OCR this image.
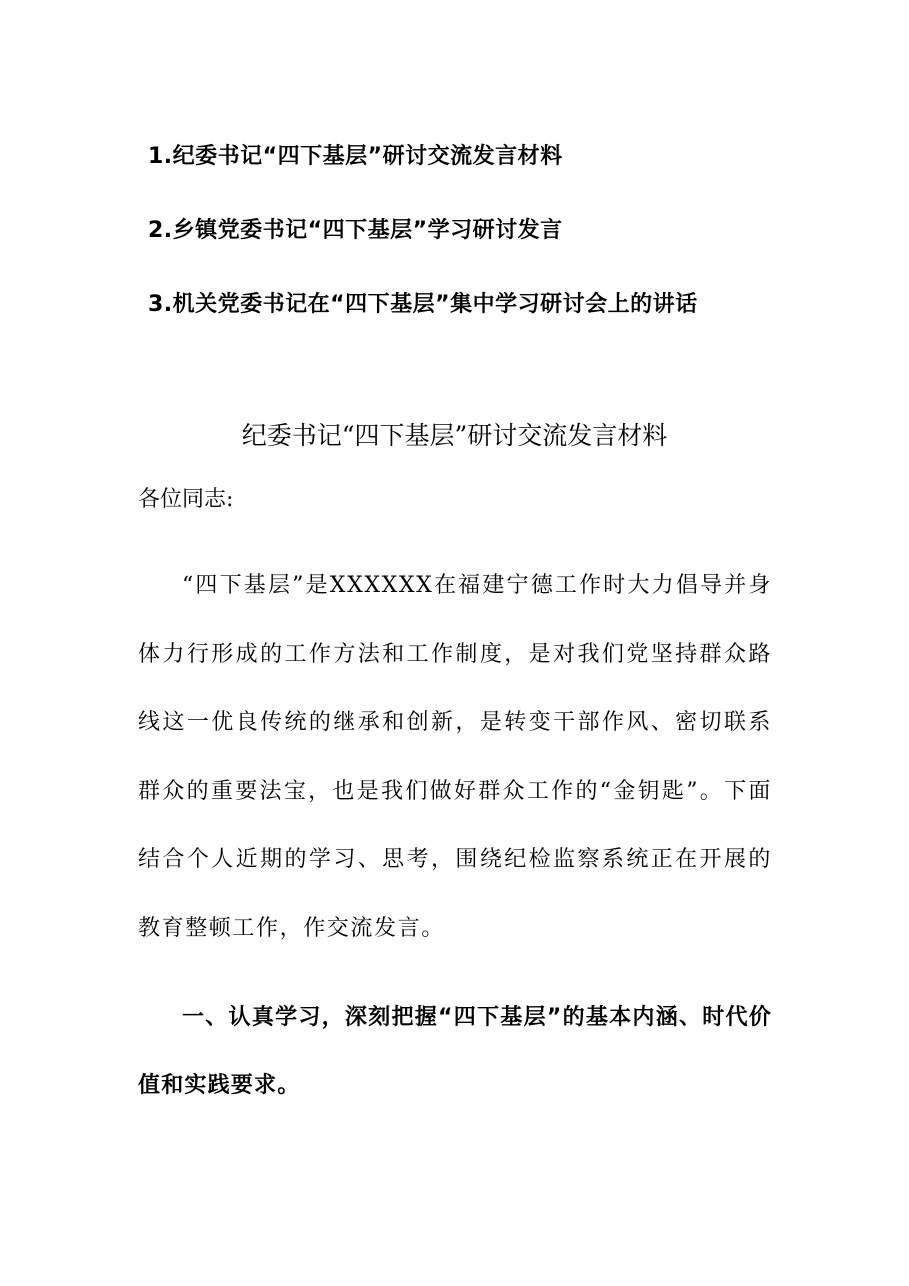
1.纪委书记“四下基层”研讨交流发言材料
2.乡镇党委书记“四下基层”学习研讨发言
3.机关党委书记在“四下基层”集中学习研讨会上的讲话
纪委书记“四下基层”研讨交流发言材料
各位同志:
“四下基层”是XXXXXX在福建宁德工作时大力倡导并身体力行形成的工作方法和工作制度，是对我们党坚持群众路线这一优良传统的继承和创新，是转变干部作风、密切联系群众的重要法宝，也是我们做好群众工作的“金钥匙”。下面结合个人近期的学习、思考，围绕纪检监察系统正在开展的教育整顿工作，作交流发言。
一、认真学习，深刻把握“四下基层”的基本内涵、时代价值和实践要求。
